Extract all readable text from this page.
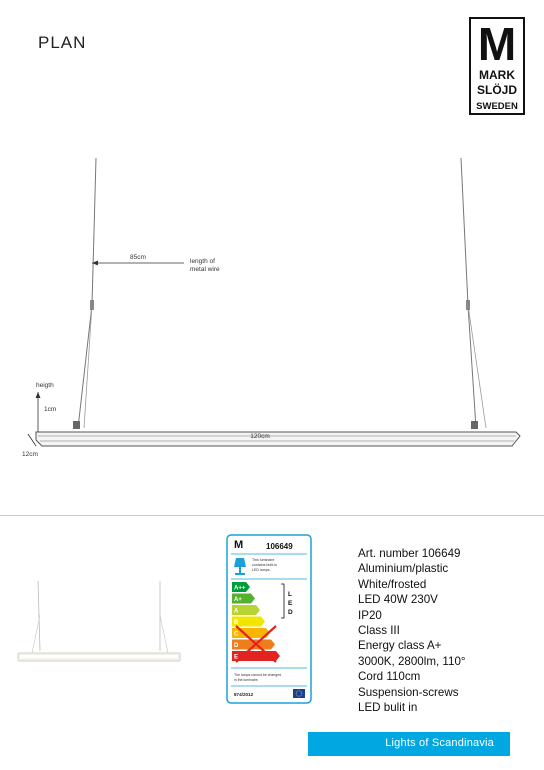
PLAN	M
MARK
SLÖJD
SWEDEN
85cm
length of
metal wire
heigth
1cm
12cm
120cm
M	106649
This luminaire
contains built-in
LED lamps.
A++
A+
A
B
C
D
E
L
E
D
The lamps cannot be changed
in the luminaire.
874/2012
Art. number 106649
Aluminium/plastic
White/frosted
LED 40W 230V
IP20
Class III
Energy class A+
3000K, 2800lm, 110°
Cord 110cm
Suspension-screws
LED bulit in
Lights of Scandinavia
